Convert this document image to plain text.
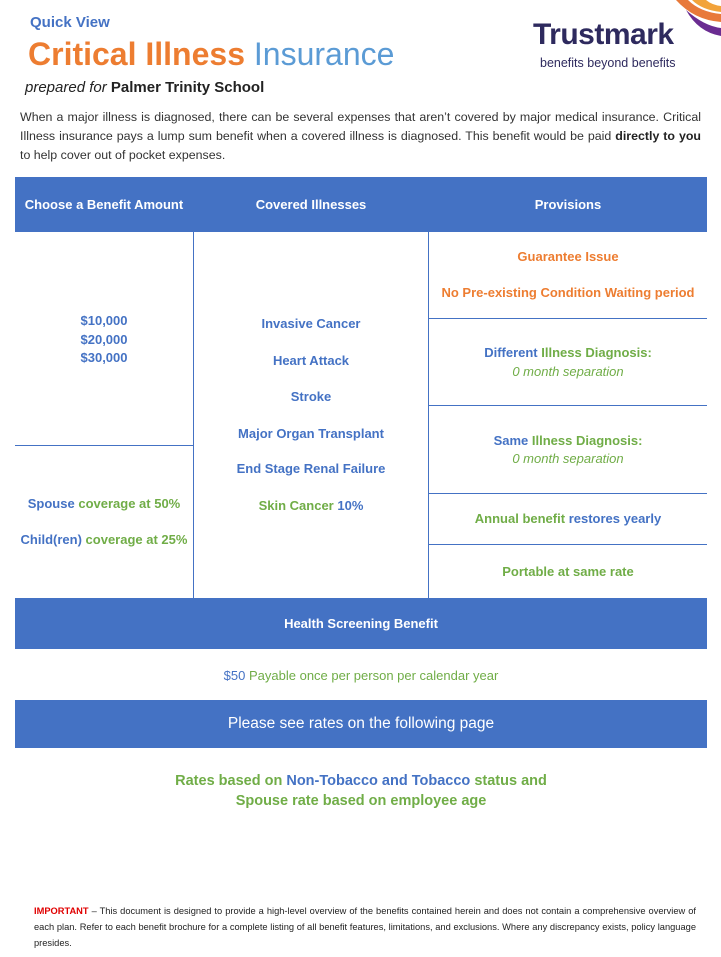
Quick View
Critical Illness Insurance
prepared for Palmer Trinity School
Trustmark
benefits beyond benefits
When a major illness is diagnosed, there can be several expenses that aren’t covered by major medical insurance. Critical Illness insurance pays a lump sum benefit when a covered illness is diagnosed. This benefit would be paid directly to you to help cover out of pocket expenses.
Choose a Benefit Amount	Covered Illnesses	Provisions
$10,000
$20,000
$30,000
Spouse coverage at 50%
Child(ren) coverage at 25%
Invasive Cancer
Heart Attack
Stroke
Major Organ Transplant
End Stage Renal Failure
Skin Cancer 10%
Guarantee Issue
No Pre-existing Condition Waiting period
Different Illness Diagnosis:
0 month separation
Same Illness Diagnosis:
0 month separation
Annual benefit restores yearly
Portable at same rate
Health Screening Benefit
$50
Payable once per person per calendar year
Please see rates on the following page
Rates based on Non-Tobacco and Tobacco status and
Spouse rate based on employee age
IMPORTANT – This document is designed to provide a high-level overview of the benefits contained herein and does not contain a comprehensive overview of each plan. Refer to each benefit brochure for a complete listing of all benefit features, limitations, and exclusions. Where any discrepancy exists, policy language presides.
